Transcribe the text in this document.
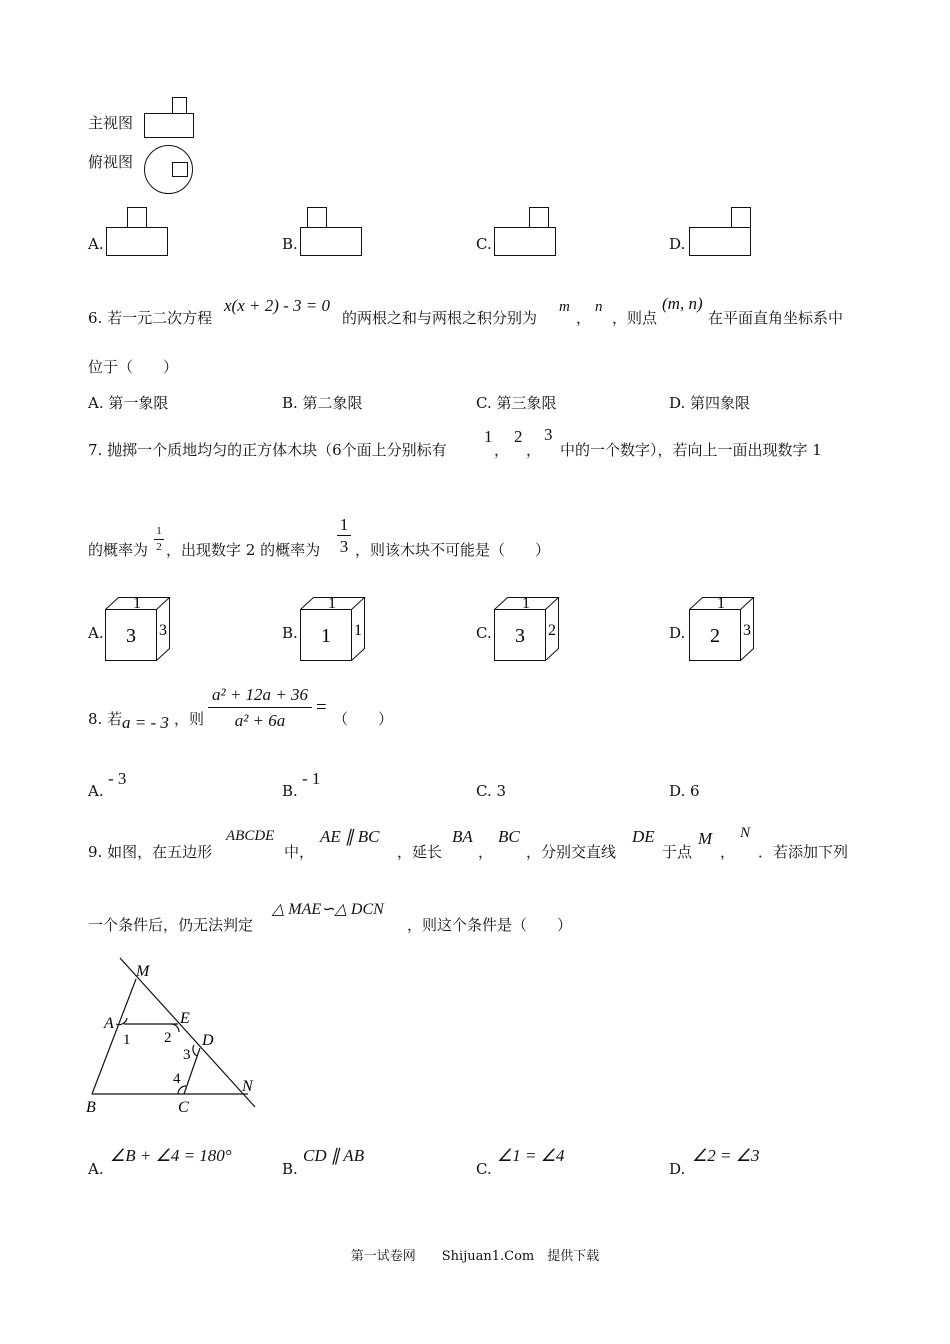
主视图
俯视图
A.	B.	C.	D.
6. 若一元二次方程
x(x + 2) - 3 = 0
的两根之和与两根之积分别为
m
，
n
，则点
(m, n)
在平面直角坐标系中
位于（　　）
A. 第一象限	B. 第二象限	C. 第三象限	D. 第四象限
7. 抛掷一个质地均匀的正方体木块（6个面上分别标有
1
，
2
，
3
中的一个数字），若向上一面出现数字 1
的概率为
1
2 ，出现数字 2 的概率为
1
3 ，则该木块不可能是（　　）
A.
1
3 3	B.
1
1 1	C.
1
3 2	D.
1
2 3
8. 若 a = - 3 ，则
a² + 12a + 36
a² + 6a
=
（　　）
A.
- 3
B.
- 1
C. 3	D. 6
9. 如图，在五边形
ABCDE
中，
AE ∥ BC
，延长
BA
，
BC
，分别交直线
DE
于点
M
，
N
．若添加下列
一个条件后，仍无法判定
△ MAE∽△ DCN
，则这个条件是（　　）
M
A	E
D
B	C
N
1 2
3
4
A.
∠B + ∠4 = 180°
B.
CD ∥ AB
C.
∠1 = ∠4
D.
∠2 = ∠3
第一试卷网　　Shijuan1.Com　提供下载
